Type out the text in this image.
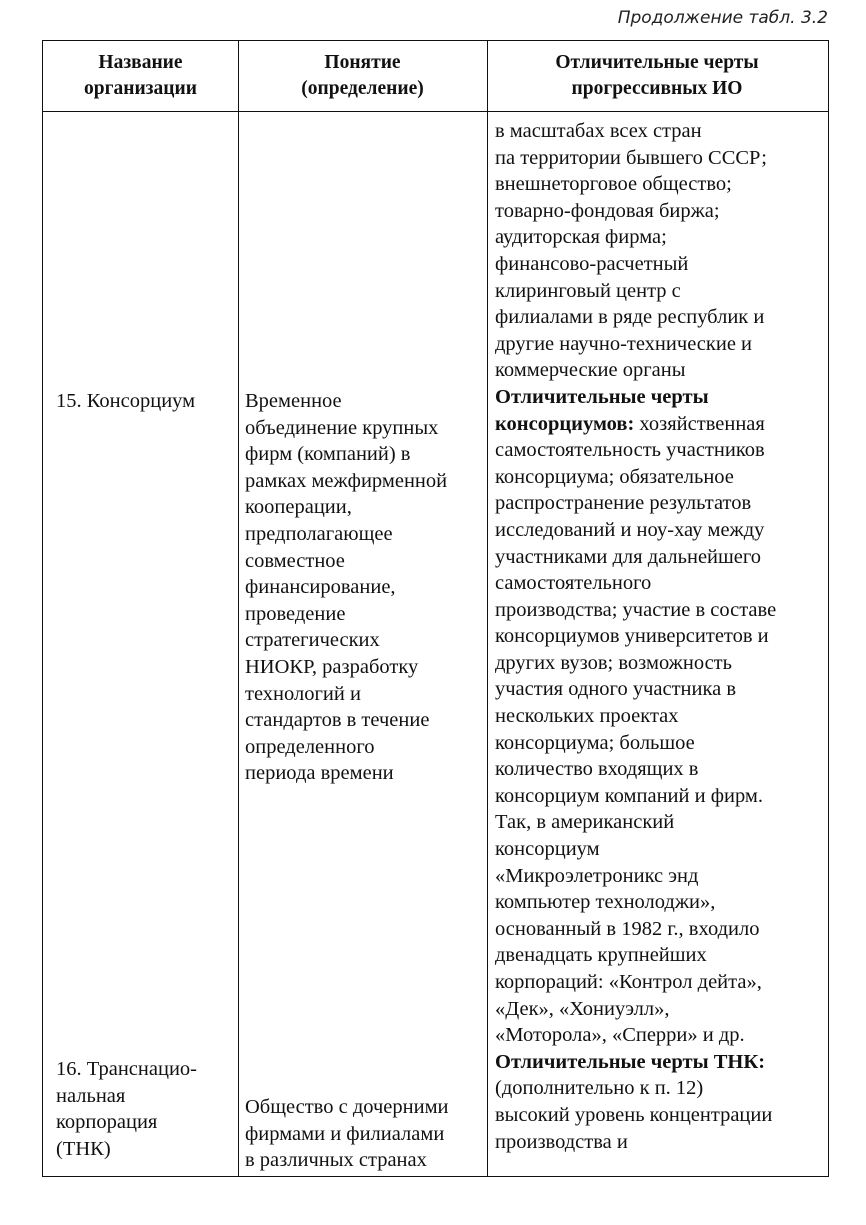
Продолжение табл. 3.2
Название
организации
Понятие
(определение)
Отличительные черты
прогрессивных ИО
в масштабах всех стран
па территории бывшего СССР;
внешнеторговое общество;
товарно-фондовая биржа;
аудиторская фирма;
финансово-расчетный
клиринговый центр с
филиалами в ряде республик и
другие научно-технические и
коммерческие органы
Отличительные черты
консорциумов: хозяйственная
самостоятельность участников
консорциума; обязательное
распространение результатов
исследований и ноу-хау между
участниками для дальнейшего
самостоятельного
производства; участие в составе
консорциумов университетов и
других вузов; возможность
участия одного участника в
нескольких проектах
консорциума; большое
количество входящих в
консорциум компаний и фирм.
Так, в американский
консорциум
«Микроэлетроникс энд
компьютер технолоджи»,
основанный в 1982 г., входило
двенадцать крупнейших
корпораций: «Контрол дейта»,
«Дек», «Хониуэлл»,
«Моторола», «Сперри» и др.
Отличительные черты ТНК:
(дополнительно к п. 12)
высокий уровень концентрации
производства и
15. Консорциум Временное
объединение крупных
фирм (компаний) в
рамках межфирменной
кооперации,
предполагающее
совместное
финансирование,
проведение
стратегических
НИОКР, разработку
технологий и
стандартов в течение
определенного
периода времени
16. Транснацио-
нальная
корпорация
(ТНК)
Общество с дочерними
фирмами и филиалами
в различных странах
